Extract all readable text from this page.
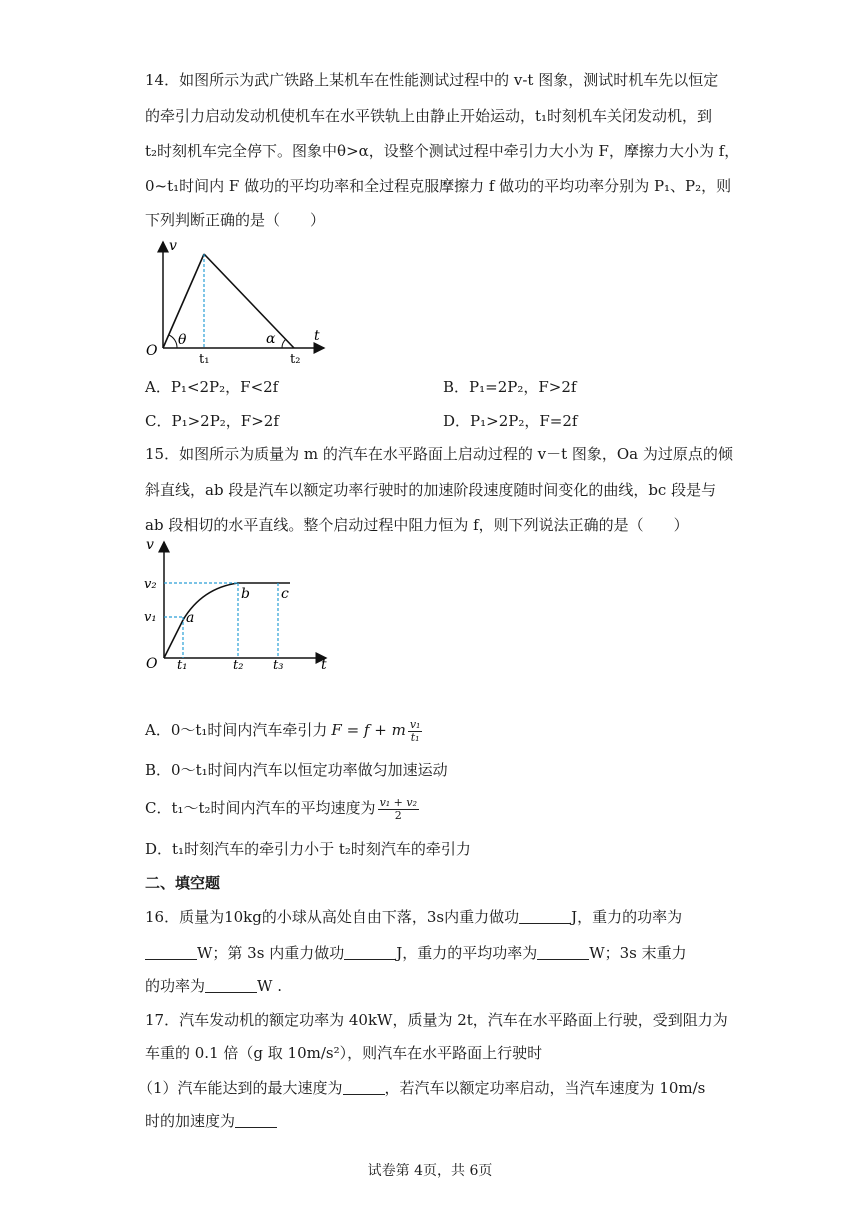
14．如图所示为武广铁路上某机车在性能测试过程中的 v-t 图象，测试时机车先以恒定
的牵引力启动发动机使机车在水平铁轨上由静止开始运动，t₁时刻机车关闭发动机，到
t₂时刻机车完全停下。图象中θ>α，设整个测试过程中牵引力大小为 F，摩擦力大小为 f，
0~t₁时间内 F 做功的平均功率和全过程克服摩擦力 f 做功的平均功率分别为 P₁、P₂，则
下列判断正确的是（　　）
v
t
O
θ	α
t₁	t₂
A．P₁<2P₂，F<2f	B．P₁=2P₂，F>2f
C．P₁>2P₂，F>2f	D．P₁>2P₂，F=2f
15．如图所示为质量为 m 的汽车在水平路面上启动过程的 v－t 图象，Oa 为过原点的倾
斜直线，ab 段是汽车以额定功率行驶时的加速阶段速度随时间变化的曲线，bc 段是与
ab 段相切的水平直线。整个启动过程中阻力恒为 f，则下列说法正确的是（　　）
v
t
O
v₂
v₁ a
b c
t₁	t₂ t₃
A．0～t₁时间内汽车牵引力 F = f + m $\frac{\text{v₁}}{\text{t₁}}$
B．0～t₁时间内汽车以恒定功率做匀加速运动
C．t₁～t₂时间内汽车的平均速度为 $\frac{\text{v₁ + v₂}}{2}$
D．t₁时刻汽车的牵引力小于 t₂时刻汽车的牵引力
二、填空题
16．质量为10kg的小球从高处自由下落，3s内重力做功	J，重力的功率为
W；第 3s 内重力做功	J，重力的平均功率为	W；3s 末重力
的功率为	W .
17．汽车发动机的额定功率为 40kW，质量为 2t，汽车在水平路面上行驶，受到阻力为
车重的 0.1 倍（g 取 10m/s²），则汽车在水平路面上行驶时
（1）汽车能达到的最大速度为	，若汽车以额定功率启动，当汽车速度为 10m/s
时的加速度为
试卷第 4页，共 6页
